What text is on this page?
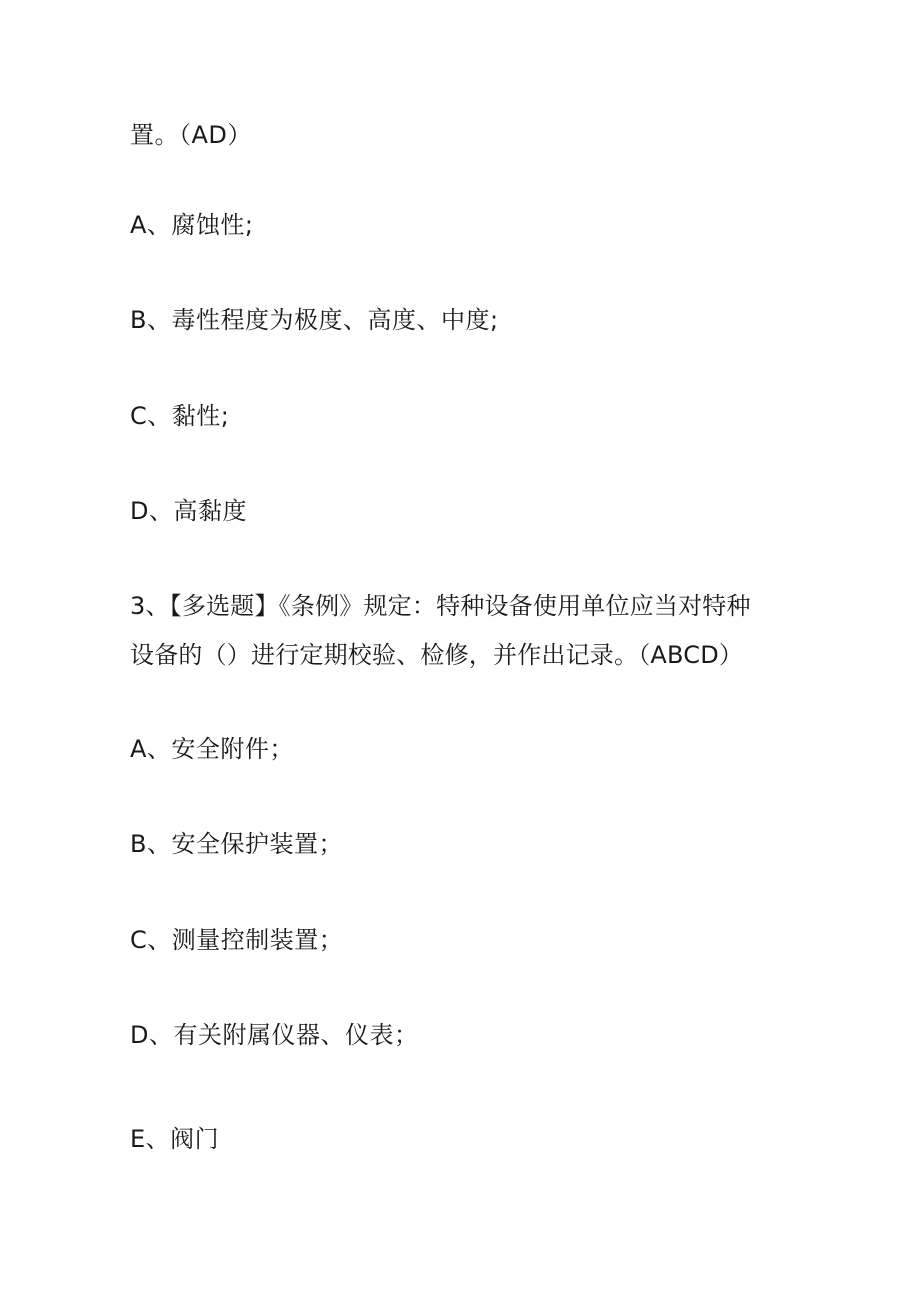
置。（AD）
A、腐蚀性;
B、毒性程度为极度、高度、中度;
C、黏性;
D、高黏度
3、【多选题】《条例》规定：特种设备使用单位应当对特种
设备的（）进行定期校验、检修，并作出记录。（ABCD）
A、安全附件；
B、安全保护装置；
C、测量控制装置；
D、有关附属仪器、仪表；
E、阀门
